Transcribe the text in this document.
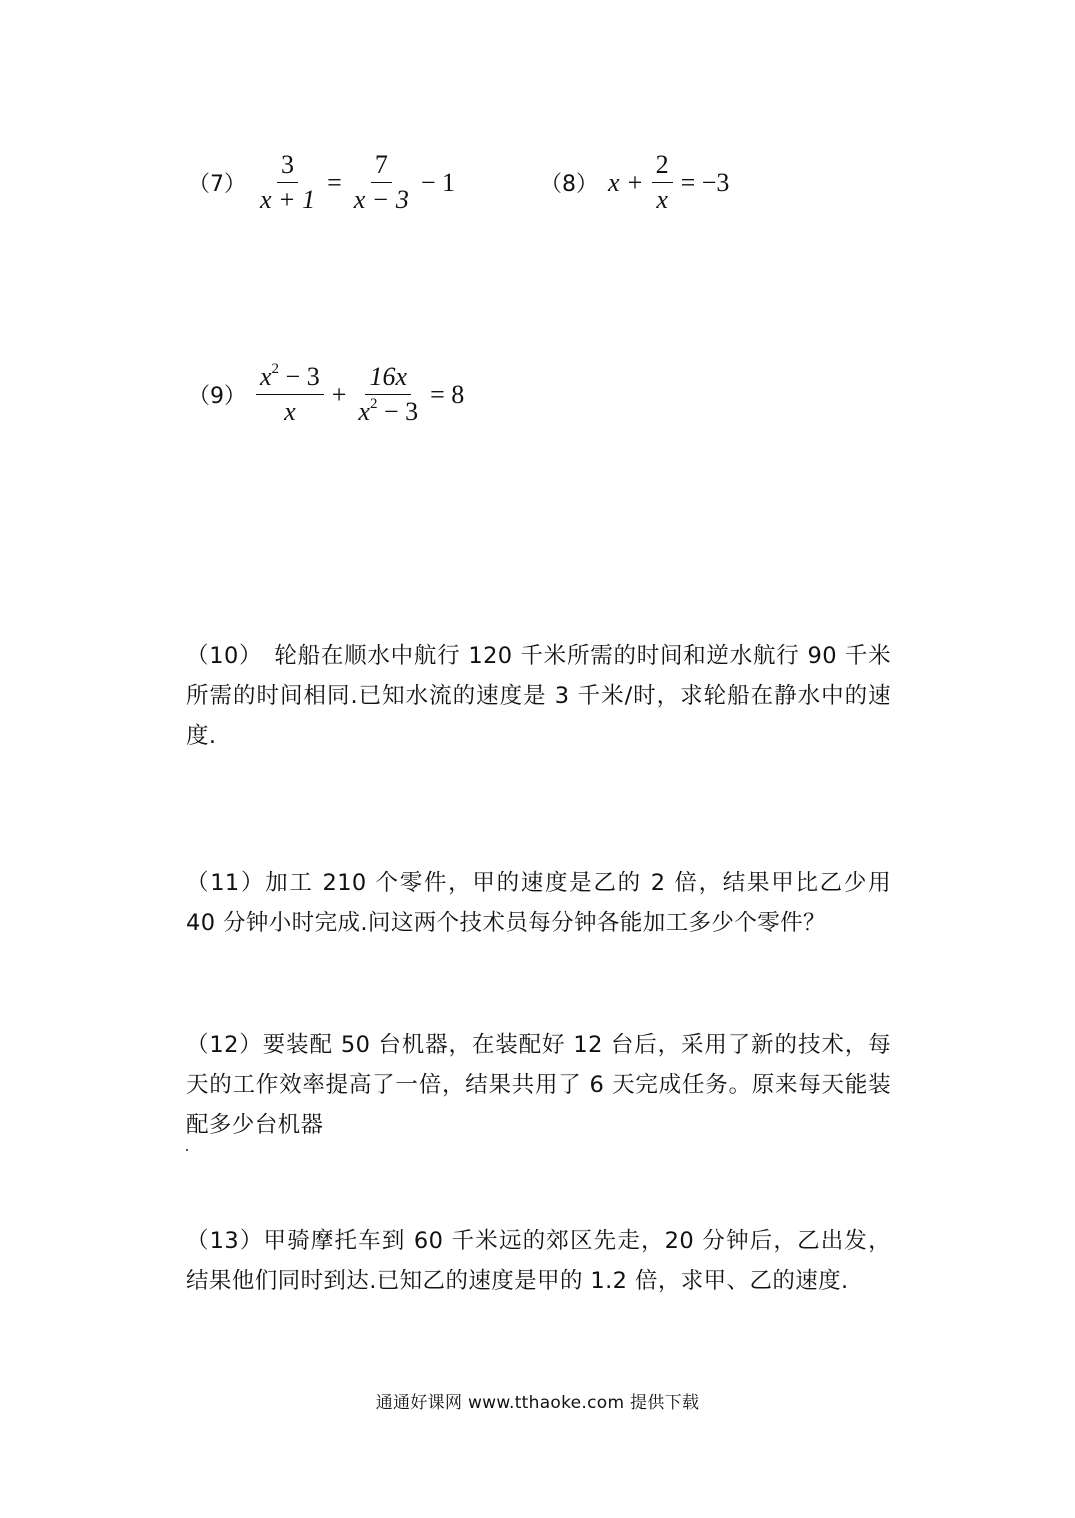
$(7) \frac{3}{x + 1} = \frac{7}{x - 3} - 1$	（8） $x + \frac{2}{x} = -3$
$(9) \frac{x^2 - 3}{x} + \frac{16x}{x^2 - 3} = 8$
（10）　轮船在顺水中航行 120 千米所需的时间和逆水航行 90 千米所需的时间相同.已知水流的速度是 3 千米/时，求轮船在静水中的速度.
（11）加工 210 个零件，甲的速度是乙的 2 倍，结果甲比乙少用 40 分钟小时完成.问这两个技术员每分钟各能加工多少个零件？
（12）要装配 50 台机器，在装配好 12 台后，采用了新的技术，每天的工作效率提高了一倍，结果共用了 6 天完成任务。原来每天能装配多少台机器
（13）甲骑摩托车到 60 千米远的郊区先走，20 分钟后，乙出发，结果他们同时到达.已知乙的速度是甲的 1.2 倍，求甲、乙的速度.
通通好课网 www.tthaoke.com 提供下载
